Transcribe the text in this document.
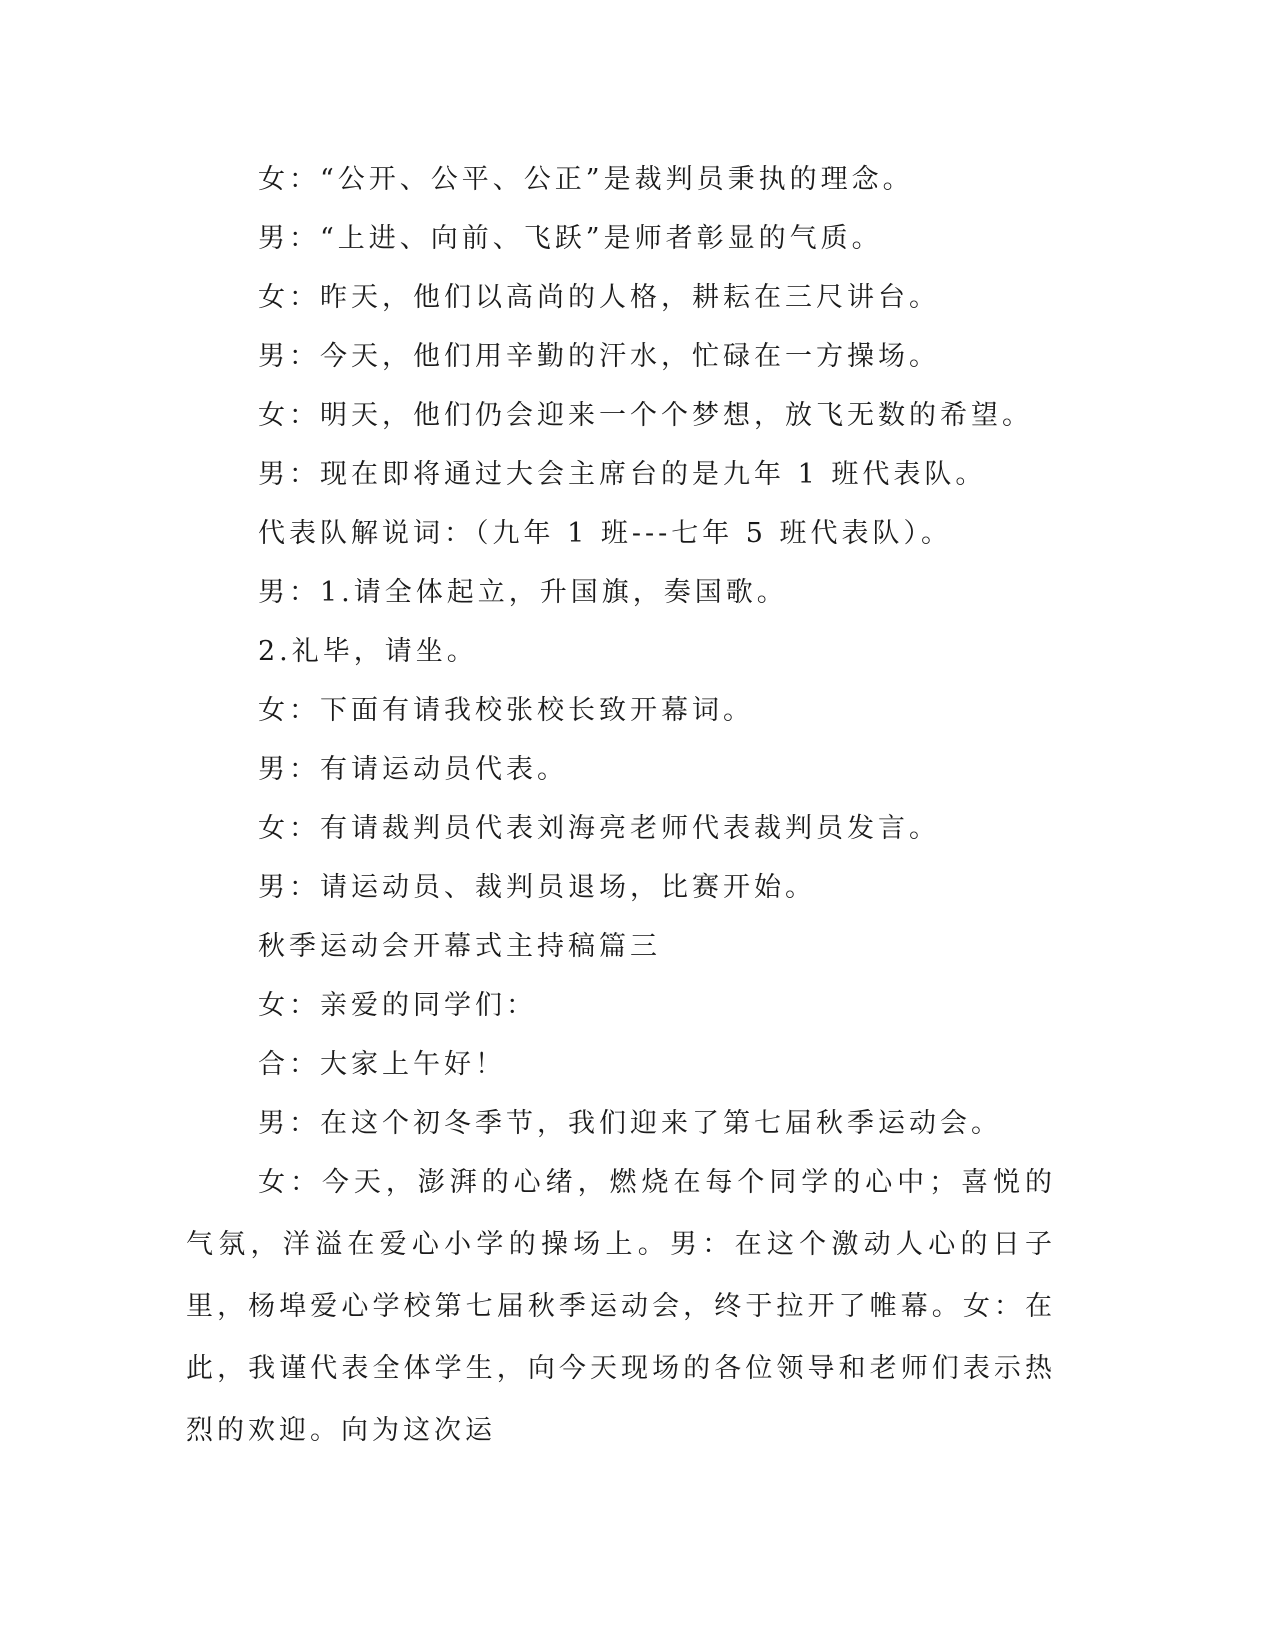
女：“公开、公平、公正”是裁判员秉执的理念。
男：“上进、向前、飞跃”是师者彰显的气质。
女：昨天，他们以高尚的人格，耕耘在三尺讲台。
男：今天，他们用辛勤的汗水，忙碌在一方操场。
女：明天，他们仍会迎来一个个梦想，放飞无数的希望。
男：现在即将通过大会主席台的是九年 1 班代表队。
代表队解说词：（九年 1 班---七年 5 班代表队）。
男：1.请全体起立，升国旗，奏国歌。
2.礼毕，请坐。
女：下面有请我校张校长致开幕词。
男：有请运动员代表。
女：有请裁判员代表刘海亮老师代表裁判员发言。
男：请运动员、裁判员退场，比赛开始。
秋季运动会开幕式主持稿篇三
女：亲爱的同学们：
合：大家上午好！
男：在这个初冬季节，我们迎来了第七届秋季运动会。
女：今天，澎湃的心绪，燃烧在每个同学的心中；喜悦的气氛，洋溢在爱心小学的操场上。男：在这个激动人心的日子里，杨埠爱心学校第七届秋季运动会，终于拉开了帷幕。女：在此，我谨代表全体学生，向今天现场的各位领导和老师们表示热烈的欢迎。向为这次运
